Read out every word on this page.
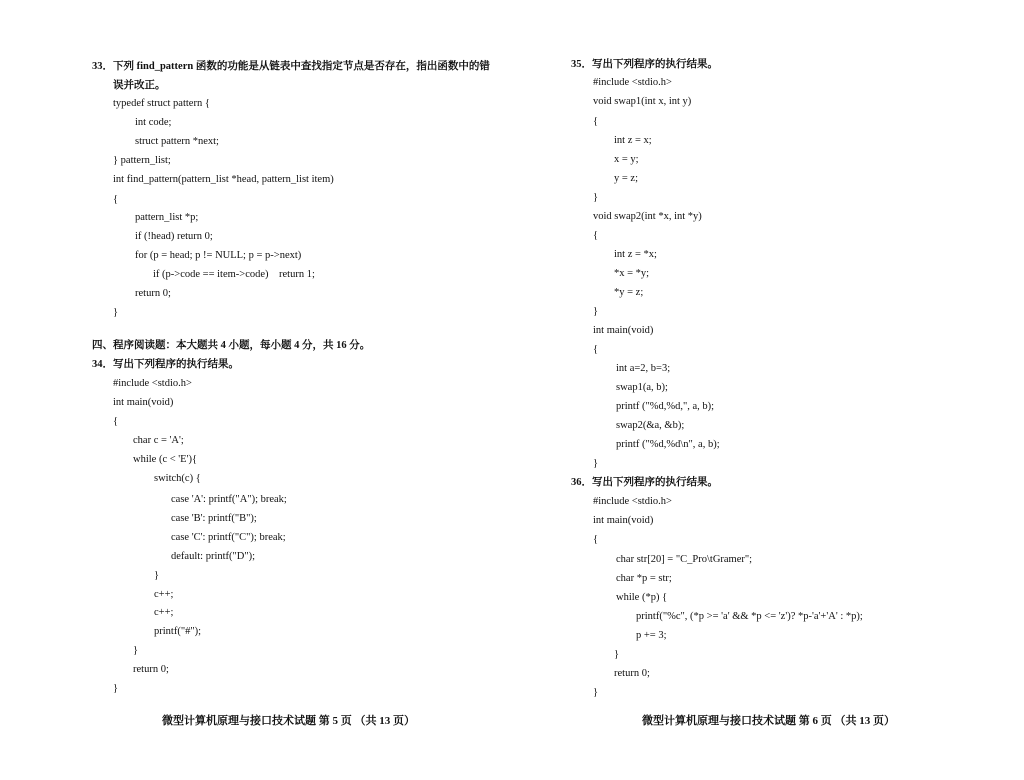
33．下列 find_pattern 函数的功能是从链表中查找指定节点是否存在，指出函数中的错
误并改正。
typedef struct pattern {
int code;
struct pattern *next;
} pattern_list;
int find_pattern(pattern_list *head, pattern_list item)
{
pattern_list *p;
if (!head) return 0;
for (p = head; p != NULL; p = p->next)
if (p->code == item->code)    return 1;
return 0;
}
四、程序阅读题：本大题共 4 小题，每小题 4 分，共 16 分。
34．写出下列程序的执行结果。
#include <stdio.h>
int main(void)
{
char c = 'A';
while (c < 'E'){
switch(c) {
case 'A': printf("A"); break;
case 'B': printf("B");
case 'C': printf("C"); break;
default: printf("D");
}
c++;
c++;
printf("#");
}
return 0;
}
微型计算机原理与接口技术试题 第 5 页 （共 13 页）
35．写出下列程序的执行结果。
#include <stdio.h>
void swap1(int x, int y)
{
int z = x;
x = y;
y = z;
}
void swap2(int *x, int *y)
{
int z = *x;
*x = *y;
*y = z;
}
int main(void)
{
int a=2, b=3;
swap1(a, b);
printf ("%d,%d,", a, b);
swap2(&a, &b);
printf ("%d,%d\n", a, b);
}
36．写出下列程序的执行结果。
#include <stdio.h>
int main(void)
{
char str[20] = "C_Pro\tGramer";
char *p = str;
while (*p) {
printf("%c", (*p >= 'a' && *p <= 'z')? *p-'a'+'A' : *p);
p += 3;
}
return 0;
}
微型计算机原理与接口技术试题 第 6 页 （共 13 页）
